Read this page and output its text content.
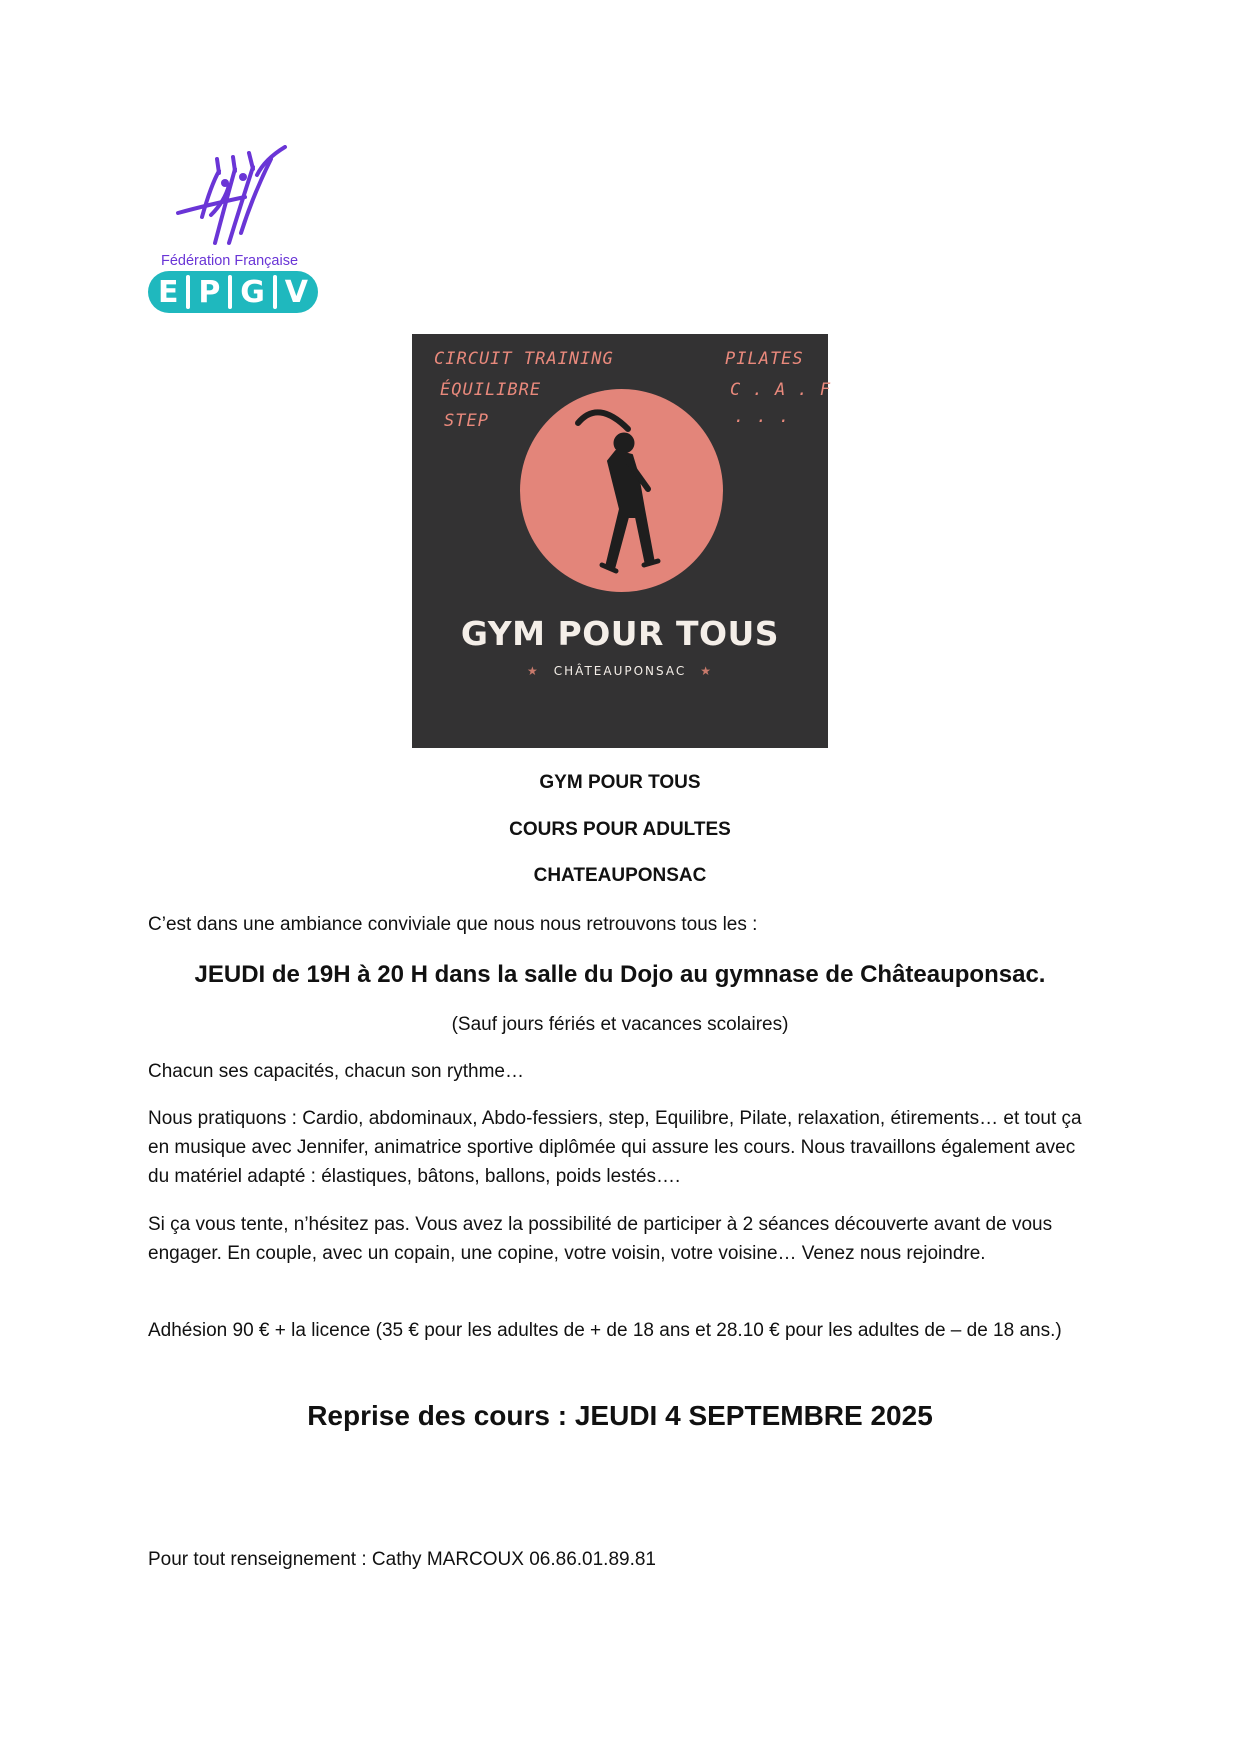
E P G V
Fédération Française
CIRCUIT TRAINING
ÉQUILIBRE
STEP
PILATES
C . A . F
. . .
GYM POUR TOUS
★ CHÂTEAUPONSAC ★
GYM POUR TOUS
COURS POUR ADULTES
CHATEAUPONSAC
C’est dans une ambiance conviviale que nous nous retrouvons tous les :
JEUDI de 19H à 20 H dans la salle du Dojo au gymnase de Châteauponsac.
(Sauf jours fériés et vacances scolaires)
Chacun ses capacités, chacun son rythme…
Nous pratiquons : Cardio, abdominaux, Abdo-fessiers, step, Equilibre, Pilate, relaxation, étirements… et tout ça en musique avec Jennifer, animatrice sportive diplômée qui assure les cours. Nous travaillons également avec du matériel adapté : élastiques, bâtons, ballons, poids lestés….
Si ça vous tente, n’hésitez pas. Vous avez la possibilité de participer à 2 séances découverte avant de vous engager. En couple, avec un copain, une copine, votre voisin, votre voisine… Venez nous rejoindre.
Adhésion 90 € + la licence (35 € pour les adultes de + de 18 ans et 28.10 € pour les adultes de – de 18 ans.)
Reprise des cours : JEUDI 4 SEPTEMBRE 2025
Pour tout renseignement : Cathy MARCOUX 06.86.01.89.81
